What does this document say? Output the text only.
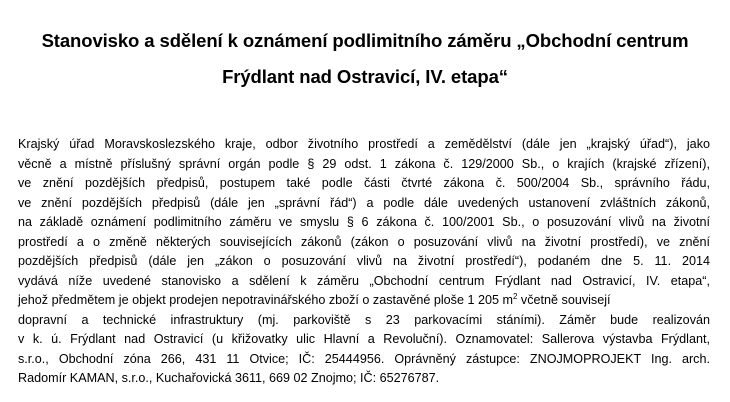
Stanovisko a sdělení k oznámení podlimitního záměru „Obchodní centrum
Frýdlant nad Ostravicí, IV. etapa“
Krajský úřad Moravskoslezského kraje, odbor životního prostředí a zemědělství (dále jen „krajský úřad“), jako
věcně a místně příslušný správní orgán podle § 29 odst. 1 zákona č. 129/2000 Sb., o krajích (krajské zřízení),
ve znění pozdějších předpisů, postupem také podle části čtvrté zákona č. 500/2004 Sb., správního řádu,
ve znění pozdějších předpisů (dále jen „správní řád“) a podle dále uvedených ustanovení zvláštních zákonů,
na základě oznámení podlimitního záměru ve smyslu § 6 zákona č. 100/2001 Sb., o posuzování vlivů na životní
prostředí a o změně některých souvisejících zákonů (zákon o posuzování vlivů na životní prostředí), ve znění
pozdějších předpisů (dále jen „zákon o posuzování vlivů na životní prostředí“), podaném dne 5. 11. 2014
vydává níže uvedené stanovisko a sdělení k záměru „Obchodní centrum Frýdlant nad Ostravicí, IV. etapa“,
jehož předmětem je objekt prodejen nepotravinářského zboží o zastavěné ploše 1 205 $m^2$ včetně souvisejí
dopravní a technické infrastruktury (mj. parkoviště s 23 parkovacími stáními). Záměr bude realizován
v k. ú. Frýdlant nad Ostravicí (u křižovatky ulic Hlavní a Revoluční). Oznamovatel: Sallerova výstavba Frýdlant,
s.r.o., Obchodní zóna 266, 431 11 Otvice; IČ: 25444956. Oprávněný zástupce: ZNOJMOPROJEKT Ing. arch.
Radomír KAMAN, s.r.o., Kuchařovická 3611, 669 02 Znojmo; IČ: 65276787.
